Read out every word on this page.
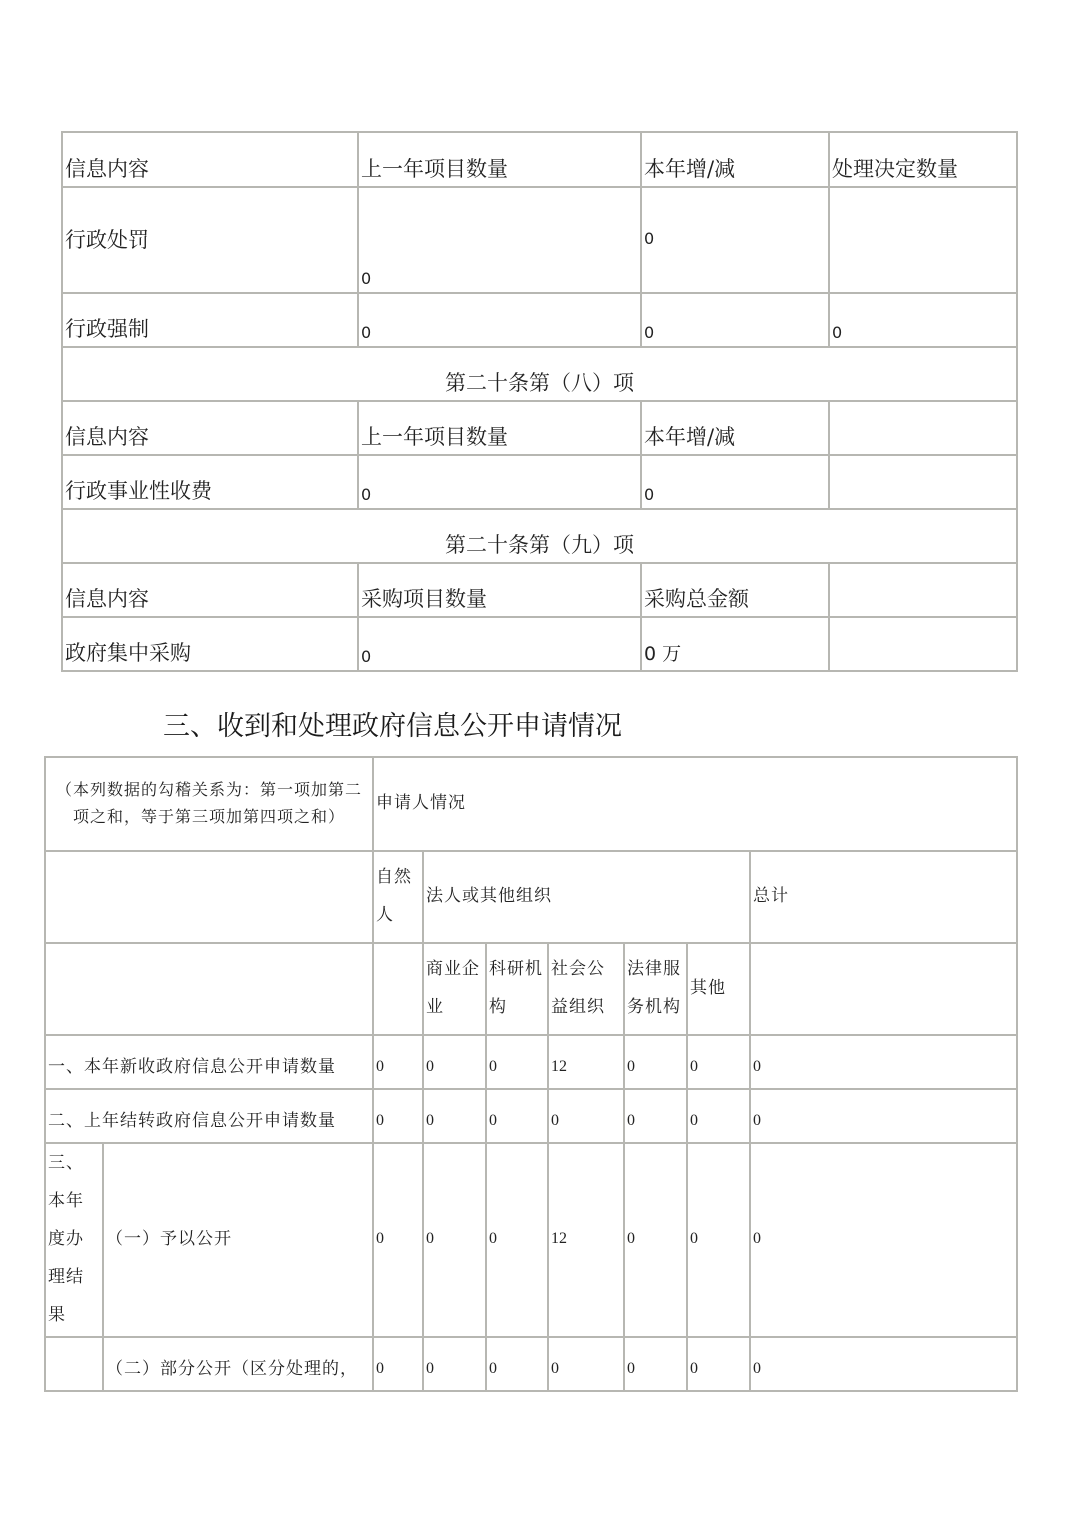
信息内容	上一年项目数量	本年增/减	处理决定数量
行政处罚	0	0	
行政强制	0	0	0
第二十条第（八）项			
信息内容	上一年项目数量	本年增/减	
行政事业性收费	0	0	
第二十条第（九）项			
信息内容	采购项目数量	采购总金额	
政府集中采购	0	0 万	
三、收到和处理政府信息公开申请情况
（本列数据的勾稽关系为：第一项加第二项之和，等于第三项加第四项之和）		申请人情况						
		自然人	法人或其他组织					总计
			商业企业	科研机构	社会公益组织	法律服务机构	其他	
一、本年新收政府信息公开申请数量		0	0	0	12	0	0	0
二、上年结转政府信息公开申请数量		0	0	0	0	0	0	0
三、本年度办理结果	（一）予以公开	0	0	0	12	0	0	0
	（二）部分公开（区分处理的，	0	0	0	0	0	0	0
